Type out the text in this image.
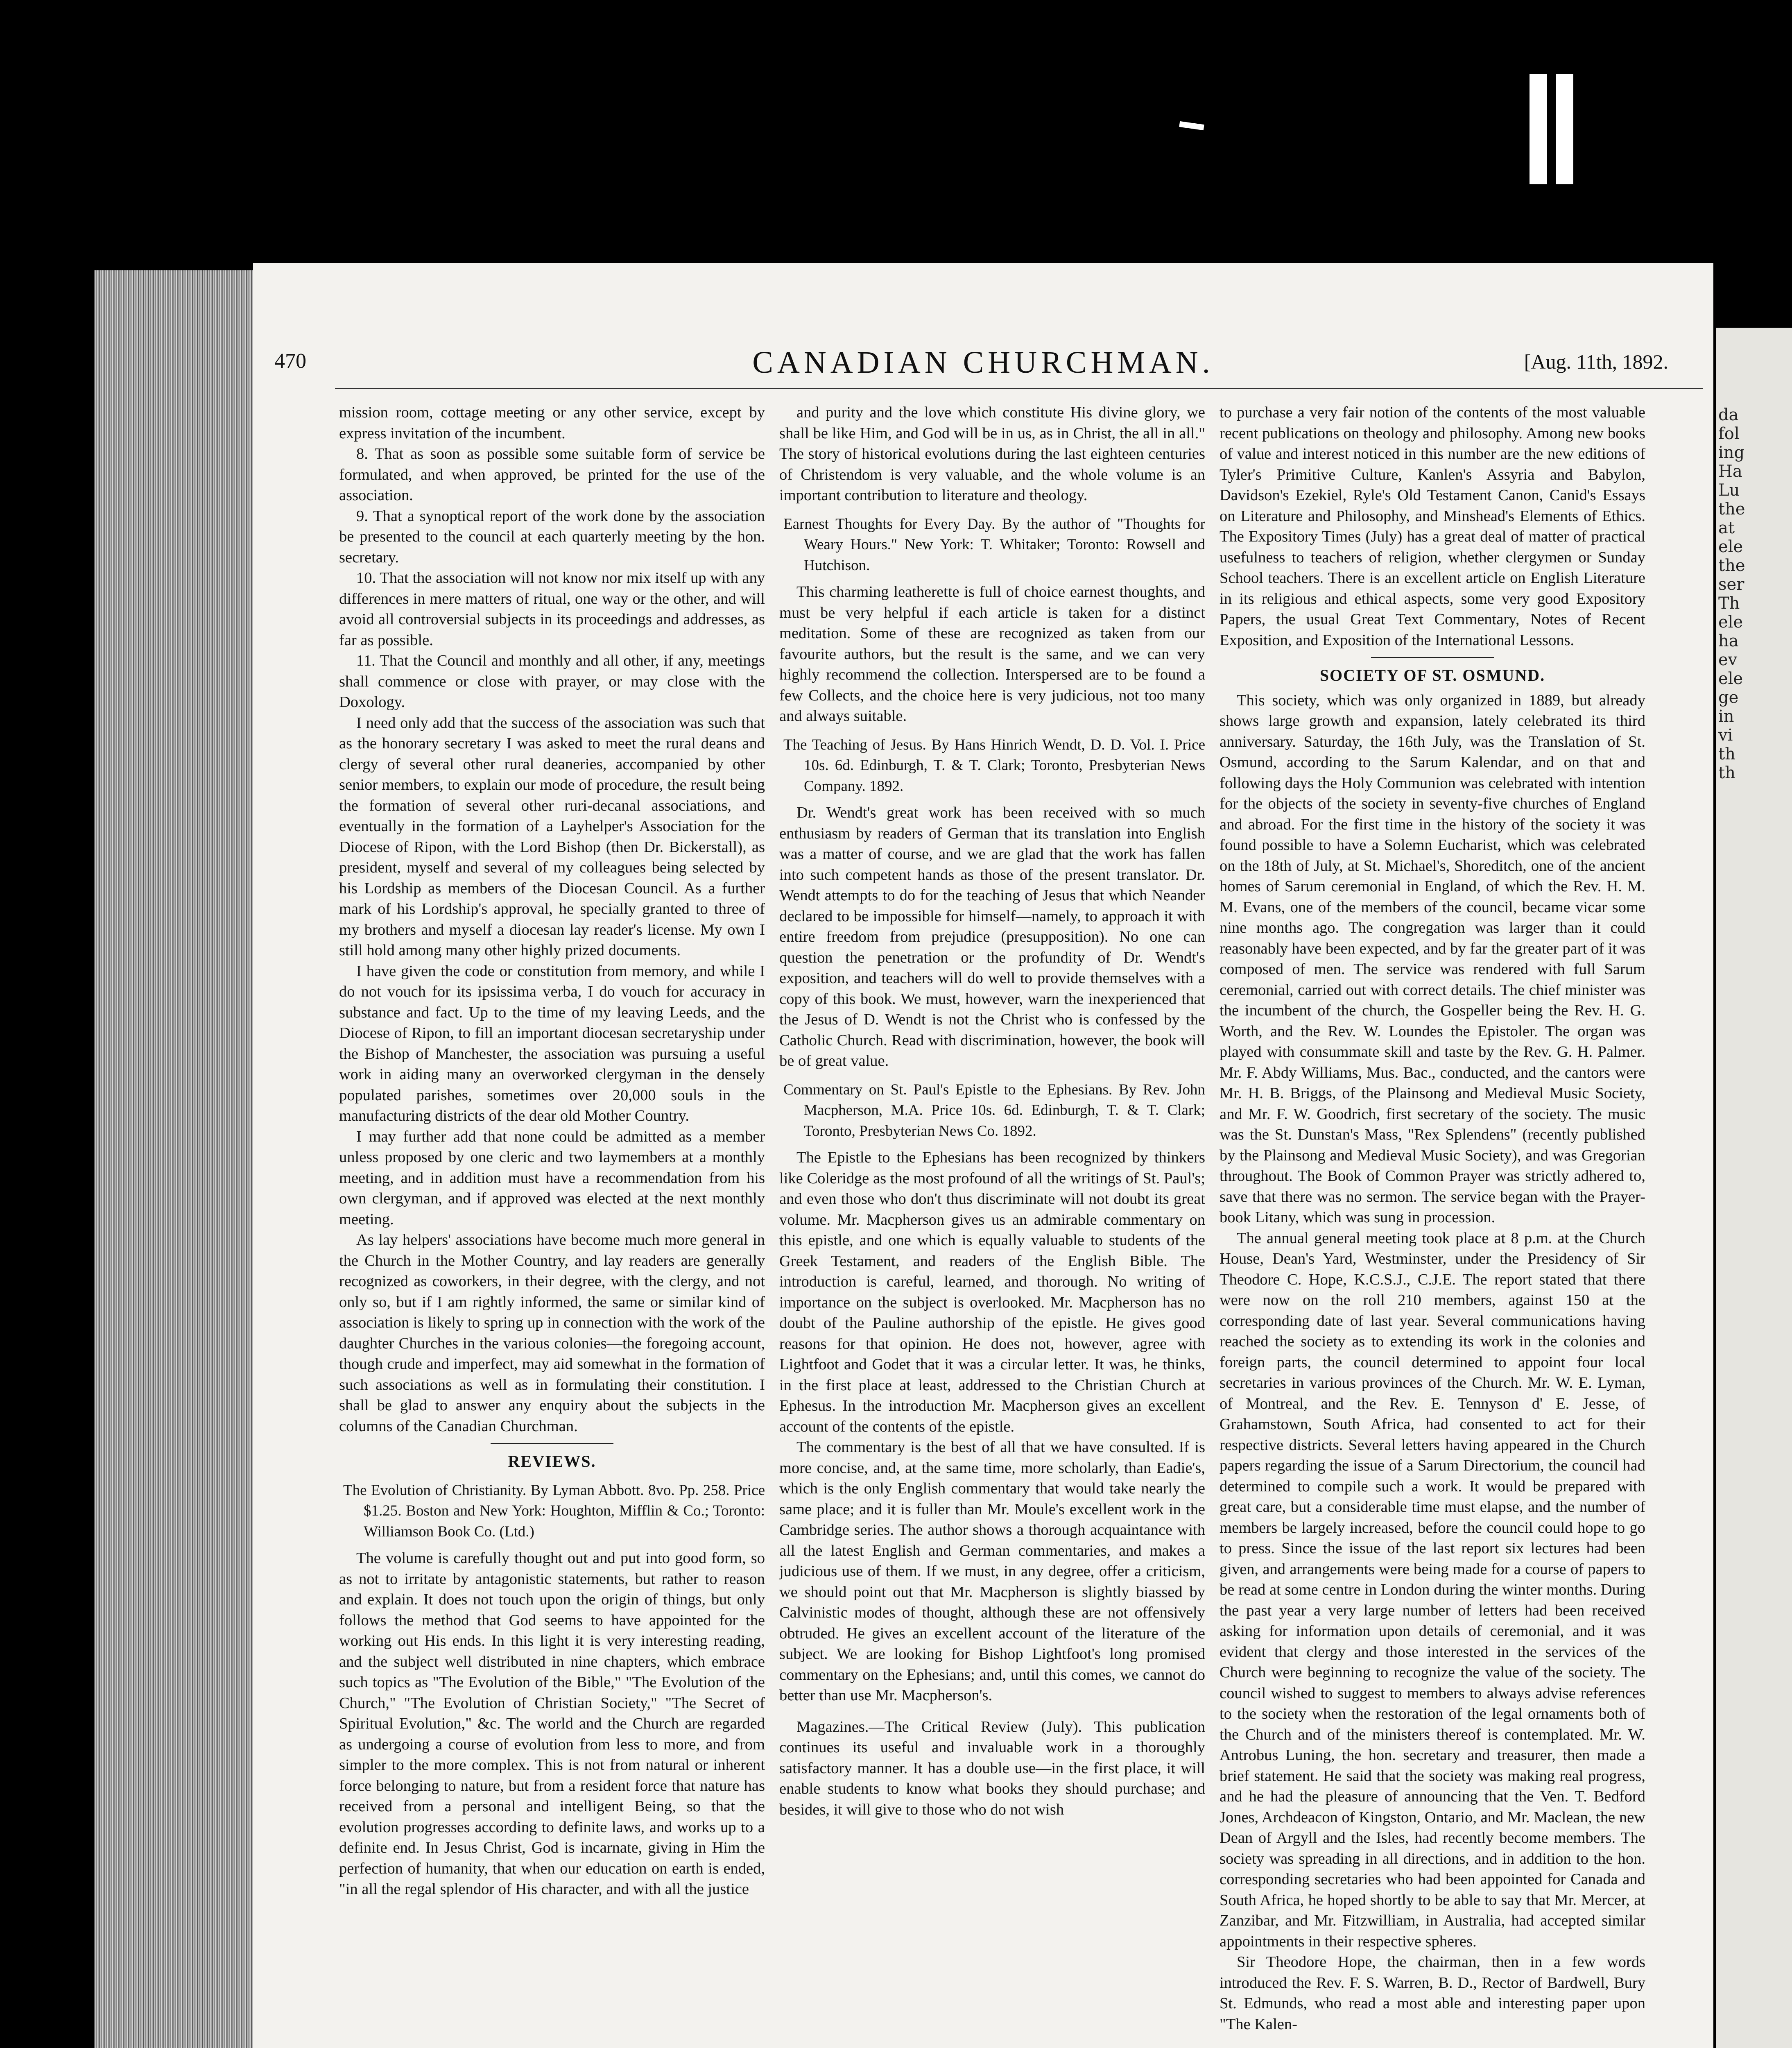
da
fol
ing
Ha
Lu
the
at
ele
the
ser
Th
ele
ha
ev
ele
ge
in
vi
th
th
470	CANADIAN CHURCHMAN.	[Aug. 11th, 1892.

mission room, cottage meeting or any other service, except by express invitation of the incumbent.

8. That as soon as possible some suitable form of service be formulated, and when approved, be printed for the use of the association.

9. That a synoptical report of the work done by the association be presented to the council at each quarterly meeting by the hon. secretary.

10. That the association will not know nor mix itself up with any differences in mere matters of ritual, one way or the other, and will avoid all controversial subjects in its proceedings and addresses, as far as possible.

11. That the Council and monthly and all other, if any, meetings shall commence or close with prayer, or may close with the Doxology.

I need only add that the success of the association was such that as the honorary secretary I was asked to meet the rural deans and clergy of several other rural deaneries, accompanied by other senior members, to explain our mode of procedure, the result being the formation of several other ruri-decanal associations, and eventually in the formation of a Layhelper's Association for the Diocese of Ripon, with the Lord Bishop (then Dr. Bickerstall), as president, myself and several of my colleagues being selected by his Lordship as members of the Diocesan Council. As a further mark of his Lordship's approval, he specially granted to three of my brothers and myself a diocesan lay reader's license. My own I still hold among many other highly prized documents.

I have given the code or constitution from memory, and while I do not vouch for its ipsissima verba, I do vouch for accuracy in substance and fact. Up to the time of my leaving Leeds, and the Diocese of Ripon, to fill an important diocesan secretaryship under the Bishop of Manchester, the association was pursuing a useful work in aiding many an overworked clergyman in the densely populated parishes, sometimes over 20,000 souls in the manufacturing districts of the dear old Mother Country.

I may further add that none could be admitted as a member unless proposed by one cleric and two laymembers at a monthly meeting, and in addition must have a recommendation from his own clergyman, and if approved was elected at the next monthly meeting.

As lay helpers' associations have become much more general in the Church in the Mother Country, and lay readers are generally recognized as coworkers, in their degree, with the clergy, and not only so, but if I am rightly informed, the same or similar kind of association is likely to spring up in connection with the work of the daughter Churches in the various colonies—the foregoing account, though crude and imperfect, may aid somewhat in the formation of such associations as well as in formulating their constitution. I shall be glad to answer any enquiry about the subjects in the columns of the Canadian Churchman.

REVIEWS.

The Evolution of Christianity. By Lyman Abbott. 8vo. Pp. 258. Price $1.25. Boston and New York: Houghton, Mifflin & Co.; Toronto: Williamson Book Co. (Ltd.)

The volume is carefully thought out and put into good form, so as not to irritate by antagonistic statements, but rather to reason and explain. It does not touch upon the origin of things, but only follows the method that God seems to have appointed for the working out His ends. In this light it is very interesting reading, and the subject well distributed in nine chapters, which embrace such topics as "The Evolution of the Bible," "The Evolution of the Church," "The Evolution of Christian Society," "The Secret of Spiritual Evolution," &c. The world and the Church are regarded as undergoing a course of evolution from less to more, and from simpler to the more complex. This is not from natural or inherent force belonging to nature, but from a resident force that nature has received from a personal and intelligent Being, so that the evolution progresses according to definite laws, and works up to a definite end. In Jesus Christ, God is incarnate, giving in Him the perfection of humanity, that when our education on earth is ended, "in all the regal splendor of His character, and with all the justice

and purity and the love which constitute His divine glory, we shall be like Him, and God will be in us, as in Christ, the all in all." The story of historical evolutions during the last eighteen centuries of Christendom is very valuable, and the whole volume is an important contribution to literature and theology.

Earnest Thoughts for Every Day. By the author of "Thoughts for Weary Hours." New York: T. Whitaker; Toronto: Rowsell and Hutchison.

This charming leatherette is full of choice earnest thoughts, and must be very helpful if each article is taken for a distinct meditation. Some of these are recognized as taken from our favourite authors, but the result is the same, and we can very highly recommend the collection. Interspersed are to be found a few Collects, and the choice here is very judicious, not too many and always suitable.

The Teaching of Jesus. By Hans Hinrich Wendt, D. D. Vol. I. Price 10s. 6d. Edinburgh, T. & T. Clark; Toronto, Presbyterian News Company. 1892.

Dr. Wendt's great work has been received with so much enthusiasm by readers of German that its translation into English was a matter of course, and we are glad that the work has fallen into such competent hands as those of the present translator. Dr. Wendt attempts to do for the teaching of Jesus that which Neander declared to be impossible for himself—namely, to approach it with entire freedom from prejudice (presupposition). No one can question the penetration or the profundity of Dr. Wendt's exposition, and teachers will do well to provide themselves with a copy of this book. We must, however, warn the inexperienced that the Jesus of D. Wendt is not the Christ who is confessed by the Catholic Church. Read with discrimination, however, the book will be of great value.

Commentary on St. Paul's Epistle to the Ephesians. By Rev. John Macpherson, M.A. Price 10s. 6d. Edinburgh, T. & T. Clark; Toronto, Presbyterian News Co. 1892.

The Epistle to the Ephesians has been recognized by thinkers like Coleridge as the most profound of all the writings of St. Paul's; and even those who don't thus discriminate will not doubt its great volume. Mr. Macpherson gives us an admirable commentary on this epistle, and one which is equally valuable to students of the Greek Testament, and readers of the English Bible. The introduction is careful, learned, and thorough. No writing of importance on the subject is overlooked. Mr. Macpherson has no doubt of the Pauline authorship of the epistle. He gives good reasons for that opinion. He does not, however, agree with Lightfoot and Godet that it was a circular letter. It was, he thinks, in the first place at least, addressed to the Christian Church at Ephesus. In the introduction Mr. Macpherson gives an excellent account of the contents of the epistle.

The commentary is the best of all that we have consulted. If is more concise, and, at the same time, more scholarly, than Eadie's, which is the only English commentary that would take nearly the same place; and it is fuller than Mr. Moule's excellent work in the Cambridge series. The author shows a thorough acquaintance with all the latest English and German commentaries, and makes a judicious use of them. If we must, in any degree, offer a criticism, we should point out that Mr. Macpherson is slightly biassed by Calvinistic modes of thought, although these are not offensively obtruded. He gives an excellent account of the literature of the subject. We are looking for Bishop Lightfoot's long promised commentary on the Ephesians; and, until this comes, we cannot do better than use Mr. Macpherson's.

Magazines.—The Critical Review (July). This publication continues its useful and invaluable work in a thoroughly satisfactory manner. It has a double use—in the first place, it will enable students to know what books they should purchase; and besides, it will give to those who do not wish

to purchase a very fair notion of the contents of the most valuable recent publications on theology and philosophy. Among new books of value and interest noticed in this number are the new editions of Tyler's Primitive Culture, Kanlen's Assyria and Babylon, Davidson's Ezekiel, Ryle's Old Testament Canon, Canid's Essays on Literature and Philosophy, and Minshead's Elements of Ethics. The Expository Times (July) has a great deal of matter of practical usefulness to teachers of religion, whether clergymen or Sunday School teachers. There is an excellent article on English Literature in its religious and ethical aspects, some very good Expository Papers, the usual Great Text Commentary, Notes of Recent Exposition, and Exposition of the International Lessons.

SOCIETY OF ST. OSMUND.

This society, which was only organized in 1889, but already shows large growth and expansion, lately celebrated its third anniversary. Saturday, the 16th July, was the Translation of St. Osmund, according to the Sarum Kalendar, and on that and following days the Holy Communion was celebrated with intention for the objects of the society in seventy-five churches of England and abroad. For the first time in the history of the society it was found possible to have a Solemn Eucharist, which was celebrated on the 18th of July, at St. Michael's, Shoreditch, one of the ancient homes of Sarum ceremonial in England, of which the Rev. H. M. M. Evans, one of the members of the council, became vicar some nine months ago. The congregation was larger than it could reasonably have been expected, and by far the greater part of it was composed of men. The service was rendered with full Sarum ceremonial, carried out with correct details. The chief minister was the incumbent of the church, the Gospeller being the Rev. H. G. Worth, and the Rev. W. Loundes the Epistoler. The organ was played with consummate skill and taste by the Rev. G. H. Palmer. Mr. F. Abdy Williams, Mus. Bac., conducted, and the cantors were Mr. H. B. Briggs, of the Plainsong and Medieval Music Society, and Mr. F. W. Goodrich, first secretary of the society. The music was the St. Dunstan's Mass, "Rex Splendens" (recently published by the Plainsong and Medieval Music Society), and was Gregorian throughout. The Book of Common Prayer was strictly adhered to, save that there was no sermon. The service began with the Prayer-book Litany, which was sung in procession.

The annual general meeting took place at 8 p.m. at the Church House, Dean's Yard, Westminster, under the Presidency of Sir Theodore C. Hope, K.C.S.J., C.J.E. The report stated that there were now on the roll 210 members, against 150 at the corresponding date of last year. Several communications having reached the society as to extending its work in the colonies and foreign parts, the council determined to appoint four local secretaries in various provinces of the Church. Mr. W. E. Lyman, of Montreal, and the Rev. E. Tennyson d' E. Jesse, of Grahamstown, South Africa, had consented to act for their respective districts. Several letters having appeared in the Church papers regarding the issue of a Sarum Directorium, the council had determined to compile such a work. It would be prepared with great care, but a considerable time must elapse, and the number of members be largely increased, before the council could hope to go to press. Since the issue of the last report six lectures had been given, and arrangements were being made for a course of papers to be read at some centre in London during the winter months. During the past year a very large number of letters had been received asking for information upon details of ceremonial, and it was evident that clergy and those interested in the services of the Church were beginning to recognize the value of the society. The council wished to suggest to members to always advise references to the society when the restoration of the legal ornaments both of the Church and of the ministers thereof is contemplated. Mr. W. Antrobus Luning, the hon. secretary and treasurer, then made a brief statement. He said that the society was making real progress, and he had the pleasure of announcing that the Ven. T. Bedford Jones, Archdeacon of Kingston, Ontario, and Mr. Maclean, the new Dean of Argyll and the Isles, had recently become members. The society was spreading in all directions, and in addition to the hon. corresponding secretaries who had been appointed for Canada and South Africa, he hoped shortly to be able to say that Mr. Mercer, at Zanzibar, and Mr. Fitzwilliam, in Australia, had accepted similar appointments in their respective spheres.

Sir Theodore Hope, the chairman, then in a few words introduced the Rev. F. S. Warren, B. D., Rector of Bardwell, Bury St. Edmunds, who read a most able and interesting paper upon "The Kalen-
